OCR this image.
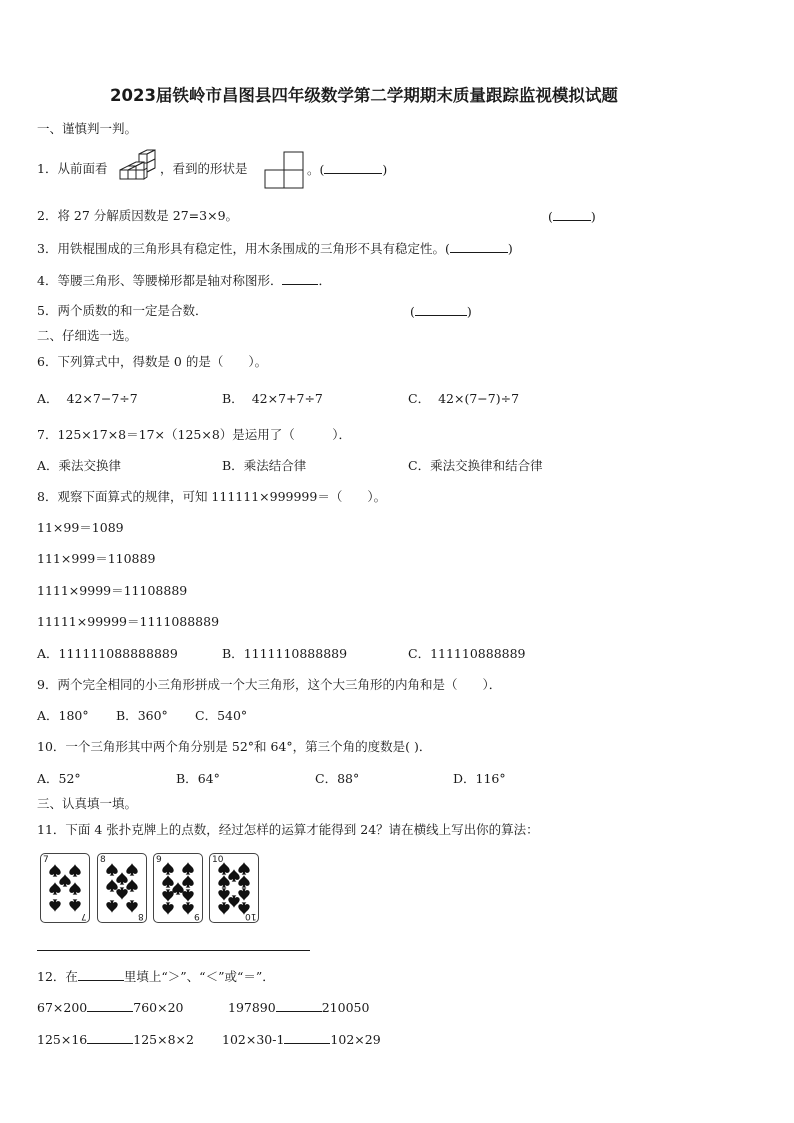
2023届铁岭市昌图县四年级数学第二学期期末质量跟踪监视模拟试题
一、谨慎判一判。
1．从前面看	，看到的形状是	。(	)
2．将 27 分解质因数是 27=3×9。	(	)
3．用铁棍围成的三角形具有稳定性，用木条围成的三角形不具有稳定性。(	)
4．等腰三角形、等腰梯形都是轴对称图形．	．
5．两个质数的和一定是合数．	(	)
二、仔细选一选。
6．下列算式中，得数是 0 的是（　　）。
A． 42×7−7÷7	B． 42×7+7÷7	C． 42×(7−7)÷7
7．125×17×8＝17×（125×8）是运用了（　　　）．
A．乘法交换律	B．乘法结合律	C．乘法交换律和结合律
8．观察下面算式的规律，可知 111111×999999＝（　　）。
11×99＝1089
111×999＝110889
1111×9999＝11108889
11111×99999＝1111088889
A．111111088888889	B．1111110888889	C．111110888889
9．两个完全相同的小三角形拼成一个大三角形，这个大三角形的内角和是（　　）．
A．180° B．360° C．540°
10．一个三角形其中两个角分别是 52°和 64°，第三个角的度数是( )．
A．52°	B．64°	C．88°	D．116°
三、认真填一填。
11．下面 4 张扑克牌上的点数，经过怎样的运算才能得到 24？请在横线上写出你的算法：
7
7
8
8
9
9
10
10
12．在	里填上“＞”、“＜”或“＝”．
67×200	760×20	197890	210050
125×16	125×8×2 102×30-1	102×29
